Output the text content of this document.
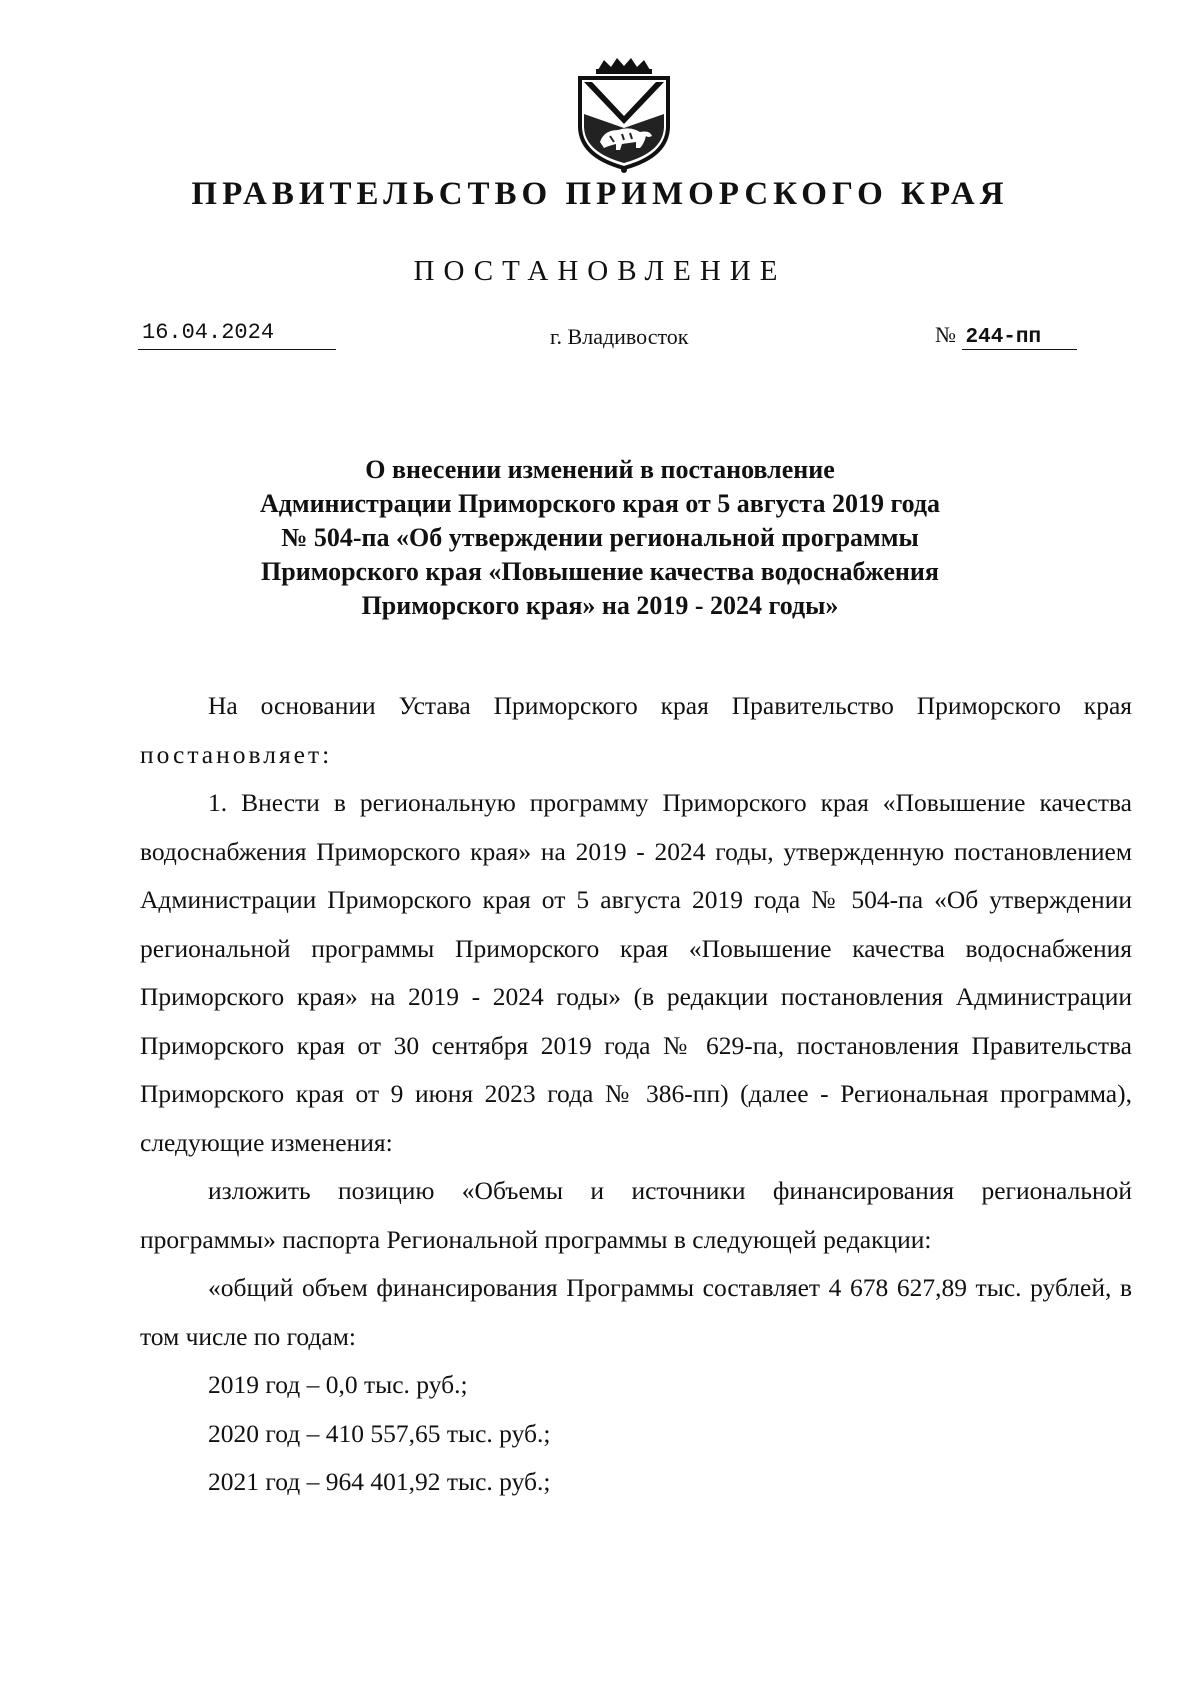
ПРАВИТЕЛЬСТВО ПРИМОРСКОГО КРАЯ
ПОСТАНОВЛЕНИЕ
16.04.2024	г. Владивосток	№ 244-пп
О внесении изменений в постановление
Администрации Приморского края от 5 августа 2019 года
№ 504-па «Об утверждении региональной программы
Приморского края «Повышение качества водоснабжения
Приморского края» на 2019 - 2024 годы»

На основании Устава Приморского края Правительство Приморского края постановляет:

1. Внести в региональную программу Приморского края «Повышение качества водоснабжения Приморского края» на 2019 - 2024 годы, утвержденную постановлением Администрации Приморского края от 5 августа 2019 года № 504-па «Об утверждении региональной программы Приморского края «Повышение качества водоснабжения Приморского края» на 2019 - 2024 годы» (в редакции постановления Администрации Приморского края от 30 сентября 2019 года № 629-па, постановления Правительства Приморского края от 9 июня 2023 года № 386-пп) (далее - Региональная программа), следующие изменения:

изложить позицию «Объемы и источники финансирования региональной программы» паспорта Региональной программы в следующей редакции:

«общий объем финансирования Программы составляет 4 678 627,89 тыс. рублей, в том числе по годам:

2019 год – 0,0 тыс. руб.;

2020 год – 410 557,65 тыс. руб.;

2021 год – 964 401,92 тыс. руб.;
